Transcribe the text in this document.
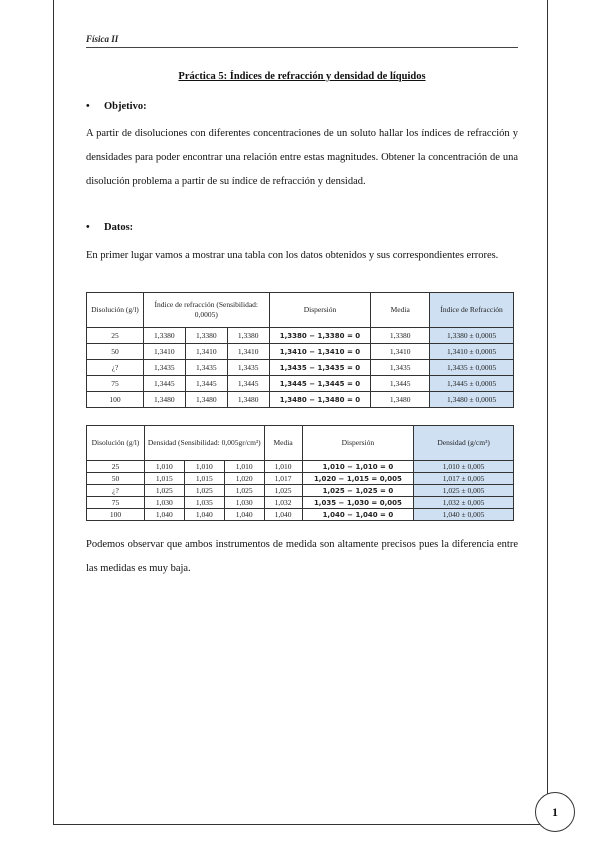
Física II
Práctica 5: Índices de refracción y densidad de líquidos
• Objetivo:

A partir de disoluciones con diferentes concentraciones de un soluto hallar los índices de refracción y densidades para poder encontrar una relación entre estas magnitudes. Obtener la concentración de una disolución problema a partir de su índice de refracción y densidad.

• Datos:

En primer lugar vamos a mostrar una tabla con los datos obtenidos y sus correspondientes errores.

Disolución (g/l)	Índice de refracción (Sensibilidad: 0,0005)			Dispersión	Media	Índice de Refracción
25	1,3380	1,3380	1,3380	1,3380 − 1,3380 = 0	1,3380	1,3380 ± 0,0005
50	1,3410	1,3410	1,3410	1,3410 − 1,3410 = 0	1,3410	1,3410 ± 0,0005
¿?	1,3435	1,3435	1,3435	1,3435 − 1,3435 = 0	1,3435	1,3435 ± 0,0005
75	1,3445	1,3445	1,3445	1,3445 − 1,3445 = 0	1,3445	1,3445 ± 0,0005
100	1,3480	1,3480	1,3480	1,3480 − 1,3480 = 0	1,3480	1,3480 ± 0,0005
Disolución (g/l)	Densidad (Sensibilidad: 0,005gr/cm³)			Media	Dispersión	Densidad (g/cm³)
25	1,010	1,010	1,010	1,010	1,010 − 1,010 = 0	1,010 ± 0,005
50	1,015	1,015	1,020	1,017	1,020 − 1,015 = 0,005	1,017 ± 0,005
¿?	1,025	1,025	1,025	1,025	1,025 − 1,025 = 0	1,025 ± 0,005
75	1,030	1,035	1,030	1,032	1,035 − 1,030 = 0,005	1,032 ± 0,005
100	1,040	1,040	1,040	1,040	1,040 − 1,040 = 0	1,040 ± 0,005

Podemos observar que ambos instrumentos de medida son altamente precisos pues la diferencia entre las medidas es muy baja.

1
